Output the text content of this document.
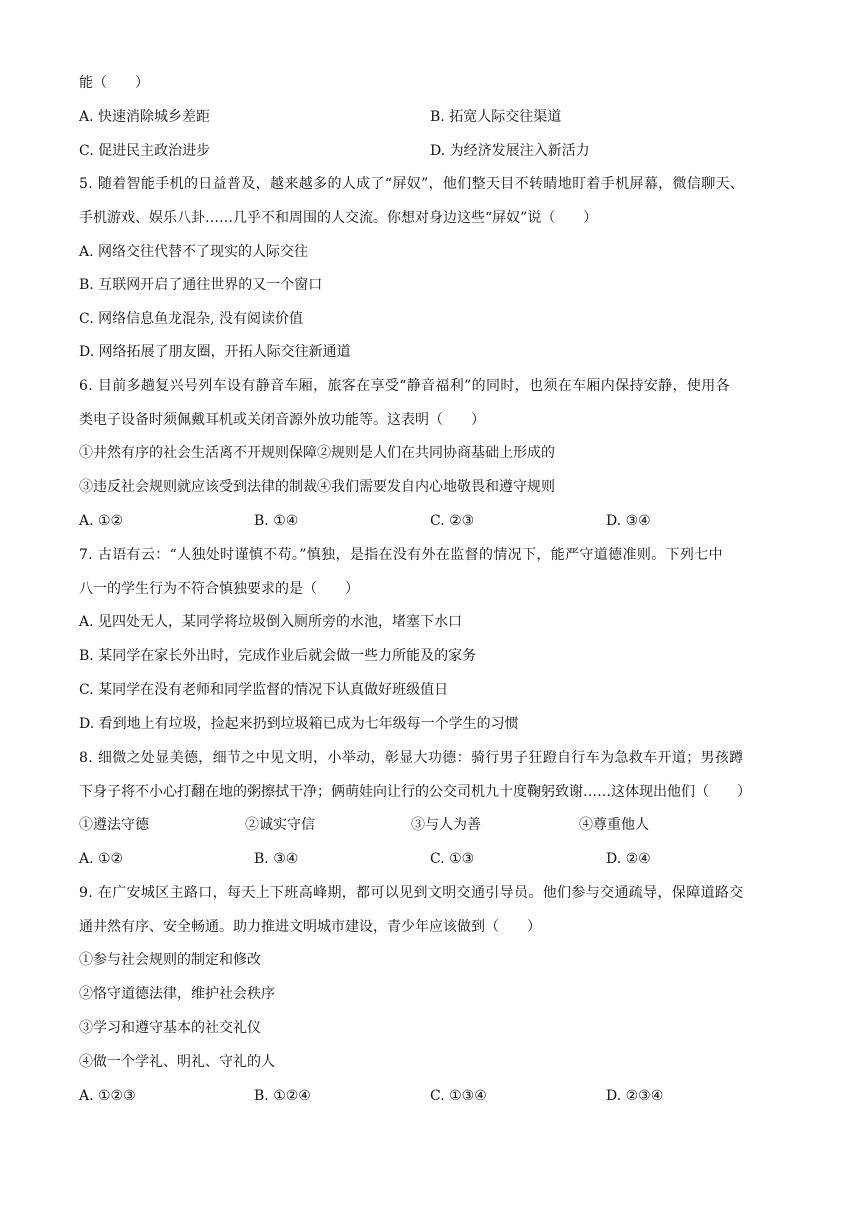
能（　　）
A. 快速消除城乡差距	B. 拓宽人际交往渠道
C. 促进民主政治进步	D. 为经济发展注入新活力
5. 随着智能手机的日益普及，越来越多的人成了“屏奴”，他们整天目不转睛地盯着手机屏幕，微信聊天、
手机游戏、娱乐八卦……几乎不和周围的人交流。你想对身边这些“屏奴”说（　　）
A. 网络交往代替不了现实的人际交往
B. 互联网开启了通往世界的又一个窗口
C. 网络信息鱼龙混杂, 没有阅读价值
D. 网络拓展了朋友圈，开拓人际交往新通道
6. 目前多趟复兴号列车设有静音车厢，旅客在享受“静音福利”的同时，也须在车厢内保持安静，使用各
类电子设备时须佩戴耳机或关闭音源外放功能等。这表明（　　）
①井然有序的社会生活离不开规则保障②规则是人们在共同协商基础上形成的
③违反社会规则就应该受到法律的制裁④我们需要发自内心地敬畏和遵守规则
A. ①②	B. ①④	C. ②③	D. ③④
7. 古语有云：“人独处时谨慎不苟。”慎独，是指在没有外在监督的情况下，能严守道德准则。下列七中
八一的学生行为不符合慎独要求的是（　　）
A. 见四处无人，某同学将垃圾倒入厕所旁的水池，堵塞下水口
B. 某同学在家长外出时，完成作业后就会做一些力所能及的家务
C. 某同学在没有老师和同学监督的情况下认真做好班级值日
D. 看到地上有垃圾，捡起来扔到垃圾箱已成为七年级每一个学生的习惯
8. 细微之处显美德，细节之中见文明，小举动，彰显大功德：骑行男子狂蹬自行车为急救车开道；男孩蹲
下身子将不小心打翻在地的粥擦拭干净；俩萌娃向让行的公交司机九十度鞠躬致谢……这体现出他们（　　）
①遵法守德	②诚实守信	③与人为善	④尊重他人
A. ①②	B. ③④	C. ①③	D. ②④
9. 在广安城区主路口，每天上下班高峰期，都可以见到文明交通引导员。他们参与交通疏导，保障道路交
通井然有序、安全畅通。助力推进文明城市建设，青少年应该做到（　　）
①参与社会规则的制定和修改
②恪守道德法律，维护社会秩序
③学习和遵守基本的社交礼仪
④做一个学礼、明礼、守礼的人
A. ①②③	B. ①②④	C. ①③④	D. ②③④
